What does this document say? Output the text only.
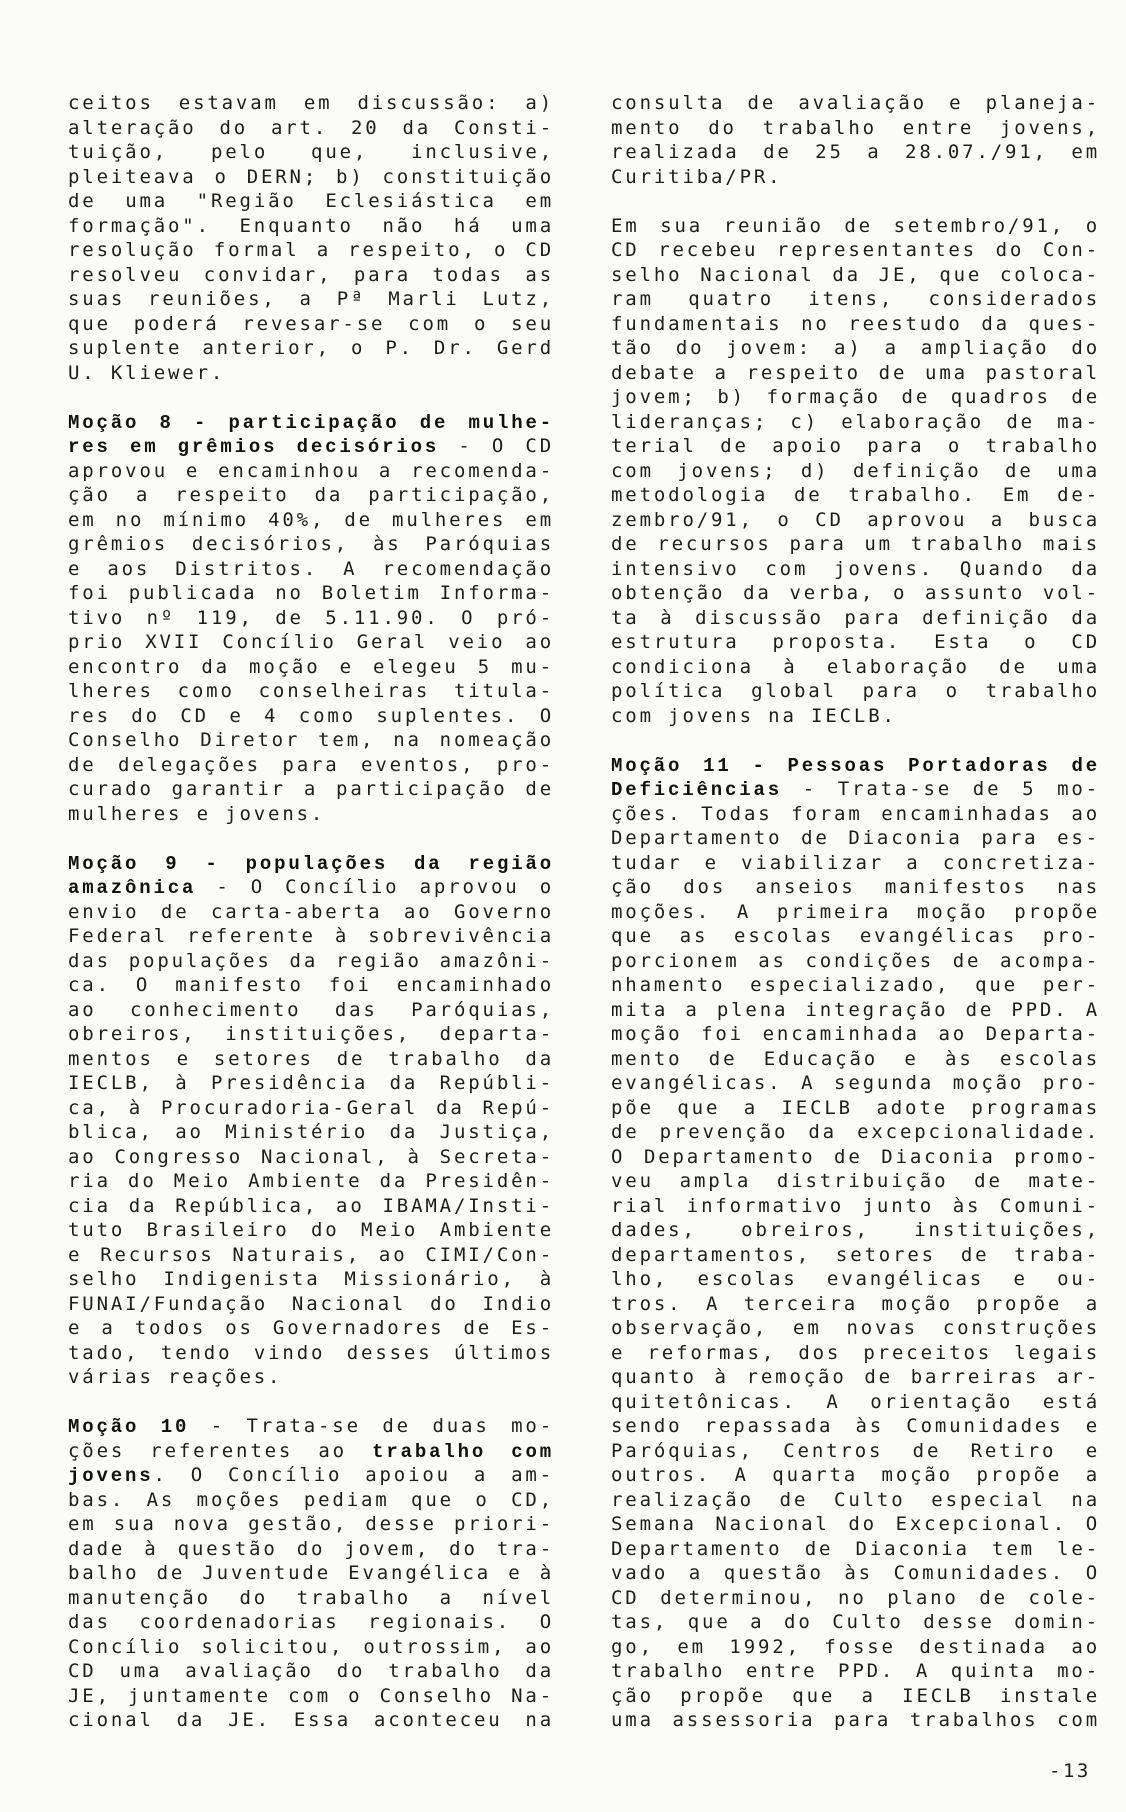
ceitos estavam em discussão: a)
alteração do art. 20 da Consti-
tuição, pelo que, inclusive,
pleiteava o DERN; b) constituição
de uma "Região Eclesiástica em
formação". Enquanto não há uma
resolução formal a respeito, o CD
resolveu convidar, para todas as
suas reuniões, a Pª Marli Lutz,
que poderá revesar-se com o seu
suplente anterior, o P. Dr. Gerd
U. Kliewer.
Moção 8 - participação de mulhe-
res em grêmios decisórios - O CD
aprovou e encaminhou a recomenda-
ção a respeito da participação,
em no mínimo 40%, de mulheres em
grêmios decisórios, às Paróquias
e aos Distritos. A recomendação
foi publicada no Boletim Informa-
tivo nº 119, de 5.11.90. O pró-
prio XVII Concílio Geral veio ao
encontro da moção e elegeu 5 mu-
lheres como conselheiras titula-
res do CD e 4 como suplentes. O
Conselho Diretor tem, na nomeação
de delegações para eventos, pro-
curado garantir a participação de
mulheres e jovens.
Moção 9 - populações da região
amazônica - O Concílio aprovou o
envio de carta-aberta ao Governo
Federal referente à sobrevivência
das populações da região amazôni-
ca. O manifesto foi encaminhado
ao conhecimento das Paróquias,
obreiros, instituições, departa-
mentos e setores de trabalho da
IECLB, à Presidência da Repúbli-
ca, à Procuradoria-Geral da Repú-
blica, ao Ministério da Justiça,
ao Congresso Nacional, à Secreta-
ria do Meio Ambiente da Presidên-
cia da República, ao IBAMA/Insti-
tuto Brasileiro do Meio Ambiente
e Recursos Naturais, ao CIMI/Con-
selho Indigenista Missionário, à
FUNAI/Fundação Nacional do Indio
e a todos os Governadores de Es-
tado, tendo vindo desses últimos
várias reações.
Moção 10 - Trata-se de duas mo-
ções referentes ao trabalho com
jovens. O Concílio apoiou a am-
bas. As moções pediam que o CD,
em sua nova gestão, desse priori-
dade à questão do jovem, do tra-
balho de Juventude Evangélica e à
manutenção do trabalho a nível
das coordenadorias regionais. O
Concílio solicitou, outrossim, ao
CD uma avaliação do trabalho da
JE, juntamente com o Conselho Na-
cional da JE. Essa aconteceu na
consulta de avaliação e planeja-
mento do trabalho entre jovens,
realizada de 25 a 28.07./91, em
Curitiba/PR.
Em sua reunião de setembro/91, o
CD recebeu representantes do Con-
selho Nacional da JE, que coloca-
ram quatro itens, considerados
fundamentais no reestudo da ques-
tão do jovem: a) a ampliação do
debate a respeito de uma pastoral
jovem; b) formação de quadros de
lideranças; c) elaboração de ma-
terial de apoio para o trabalho
com jovens; d) definição de uma
metodologia de trabalho. Em de-
zembro/91, o CD aprovou a busca
de recursos para um trabalho mais
intensivo com jovens. Quando da
obtenção da verba, o assunto vol-
ta à discussão para definição da
estrutura proposta. Esta o CD
condiciona à elaboração de uma
política global para o trabalho
com jovens na IECLB.
Moção 11 - Pessoas Portadoras de
Deficiências - Trata-se de 5 mo-
ções. Todas foram encaminhadas ao
Departamento de Diaconia para es-
tudar e viabilizar a concretiza-
ção dos anseios manifestos nas
moções. A primeira moção propõe
que as escolas evangélicas pro-
porcionem as condições de acompa-
nhamento especializado, que per-
mita a plena integração de PPD. A
moção foi encaminhada ao Departa-
mento de Educação e às escolas
evangélicas. A segunda moção pro-
põe que a IECLB adote programas
de prevenção da excepcionalidade.
O Departamento de Diaconia promo-
veu ampla distribuição de mate-
rial informativo junto às Comuni-
dades, obreiros, instituições,
departamentos, setores de traba-
lho, escolas evangélicas e ou-
tros. A terceira moção propõe a
observação, em novas construções
e reformas, dos preceitos legais
quanto à remoção de barreiras ar-
quitetônicas. A orientação está
sendo repassada às Comunidades e
Paróquias, Centros de Retiro e
outros. A quarta moção propõe a
realização de Culto especial na
Semana Nacional do Excepcional. O
Departamento de Diaconia tem le-
vado a questão às Comunidades. O
CD determinou, no plano de cole-
tas, que a do Culto desse domin-
go, em 1992, fosse destinada ao
trabalho entre PPD. A quinta mo-
ção propõe que a IECLB instale
uma assessoria para trabalhos com
-13
